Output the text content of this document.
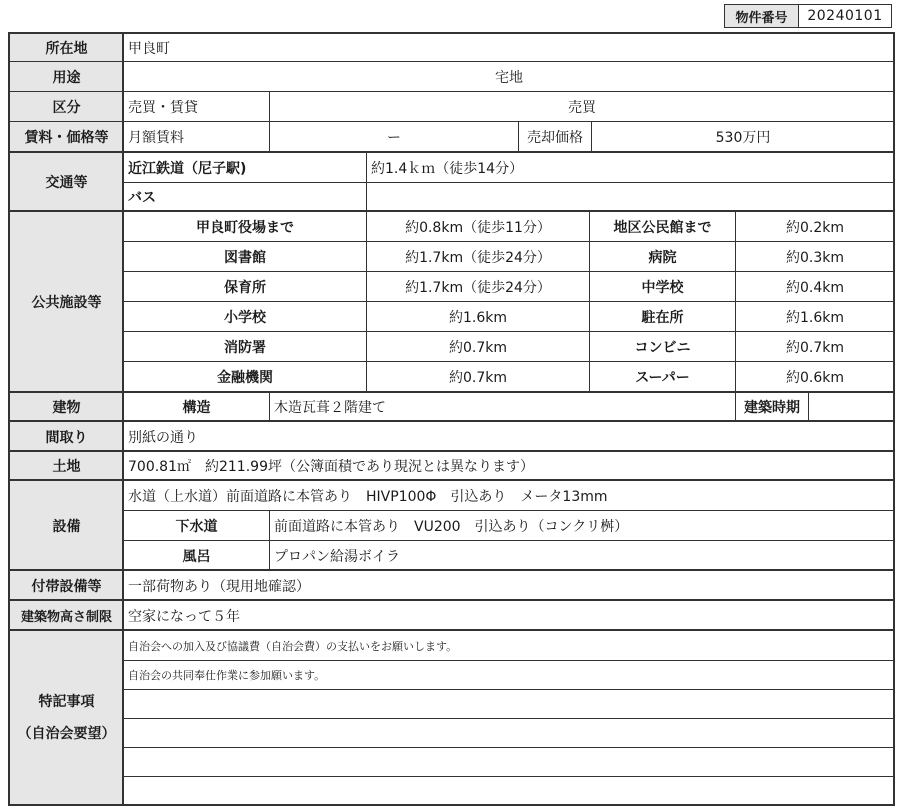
物件番号	20240101
所在地	甲良町
用途	宅地
区分	売買・賃貸	売買
賃料・価格等	月額賃料	ー	売却価格	530万円
交通等
近江鉄道（尼子駅)	約1.4ｋｍ（徒歩14分）
バス
公共施設等
甲良町役場まで	約0.8km（徒歩11分）	地区公民館まで	約0.2km
図書館	約1.7km（徒歩24分）	病院	約0.3km
保育所	約1.7km（徒歩24分）	中学校	約0.4km
小学校	約1.6km	駐在所	約1.6km
消防署	約0.7km	コンビニ	約0.7km
金融機関	約0.7km	スーパー	約0.6km
建物	構造	木造瓦葺２階建て	建築時期
間取り	別紙の通り
土地	700.81㎡　約211.99坪（公簿面積であり現況とは異なります）
設備
水道（上水道）前面道路に本管あり　HIVP100Φ　引込あり　メータ13mm
下水道	前面道路に本管あり　VU200　引込あり（コンクリ桝）
風呂	プロパン給湯ボイラ
付帯設備等	一部荷物あり（現用地確認）
建築物高さ制限	空家になって５年
特記事項
（自治会要望）
自治会への加入及び協議費（自治会費）の支払いをお願いします。
自治会の共同奉仕作業に参加願います。
